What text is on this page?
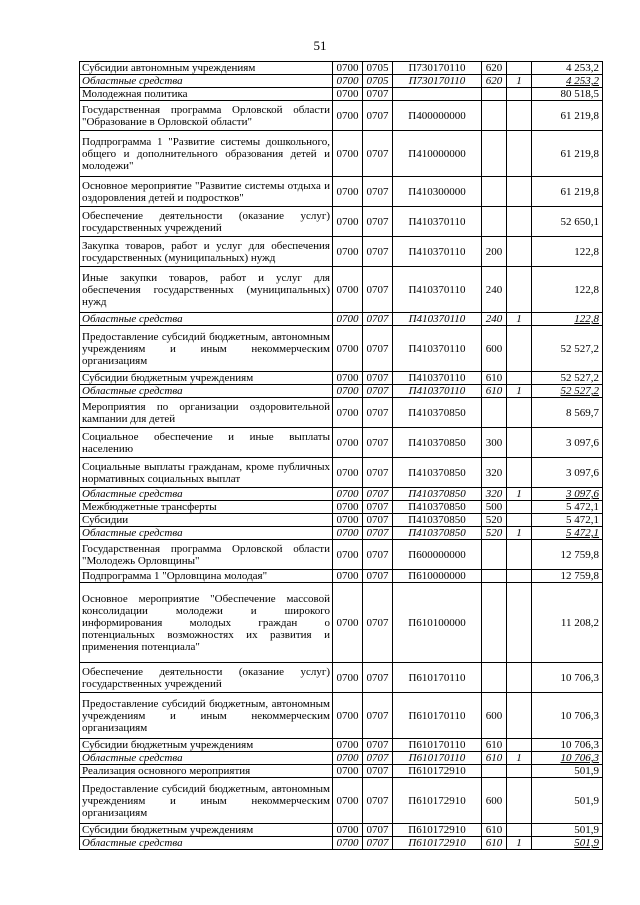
51
Субсидии автономным учреждениям	0700	0705	П730170110	620		4 253,2
Областные средства	0700	0705	П730170110	620	1	4 253,2
Молодежная политика	0700	0707				80 518,5
Государственная программа Орловской области "Образование в Орловской области"	0700	0707	П400000000			61 219,8
Подпрограмма 1 "Развитие системы дошкольного, общего и дополнительного образования детей и молодежи"	0700	0707	П410000000			61 219,8
Основное мероприятие "Развитие системы отдыха и оздоровления детей и подростков"	0700	0707	П410300000			61 219,8
Обеспечение деятельности (оказание услуг) государственных учреждений	0700	0707	П410370110			52 650,1
Закупка товаров, работ и услуг для обеспечения государственных (муниципальных) нужд	0700	0707	П410370110	200		122,8
Иные закупки товаров, работ и услуг для обеспечения государственных (муниципальных) нужд	0700	0707	П410370110	240		122,8
Областные средства	0700	0707	П410370110	240	1	122,8
Предоставление субсидий бюджетным, автономным учреждениям и иным некоммерческим организациям	0700	0707	П410370110	600		52 527,2
Субсидии бюджетным учреждениям	0700	0707	П410370110	610		52 527,2
Областные средства	0700	0707	П410370110	610	1	52 527,2
Мероприятия по организации оздоровительной кампании для детей	0700	0707	П410370850			8 569,7
Социальное обеспечение и иные выплаты населению	0700	0707	П410370850	300		3 097,6
Социальные выплаты гражданам, кроме публичных нормативных социальных выплат	0700	0707	П410370850	320		3 097,6
Областные средства	0700	0707	П410370850	320	1	3 097,6
Межбюджетные трансферты	0700	0707	П410370850	500		5 472,1
Субсидии	0700	0707	П410370850	520		5 472,1
Областные средства	0700	0707	П410370850	520	1	5 472,1
Государственная программа Орловской области "Молодежь Орловщины"	0700	0707	П600000000			12 759,8
Подпрограмма 1 "Орловщина молодая"	0700	0707	П610000000			12 759,8
Основное мероприятие "Обеспечение массовой консолидации молодежи и широкого информирования молодых граждан о потенциальных возможностях их развития и применения потенциала"	0700	0707	П610100000			11 208,2
Обеспечение деятельности (оказание услуг) государственных учреждений	0700	0707	П610170110			10 706,3
Предоставление субсидий бюджетным, автономным учреждениям и иным некоммерческим организациям	0700	0707	П610170110	600		10 706,3
Субсидии бюджетным учреждениям	0700	0707	П610170110	610		10 706,3
Областные средства	0700	0707	П610170110	610	1	10 706,3
Реализация основного мероприятия	0700	0707	П610172910			501,9
Предоставление субсидий бюджетным, автономным учреждениям и иным некоммерческим организациям	0700	0707	П610172910	600		501,9
Субсидии бюджетным учреждениям	0700	0707	П610172910	610		501,9
Областные средства	0700	0707	П610172910	610	1	501,9
